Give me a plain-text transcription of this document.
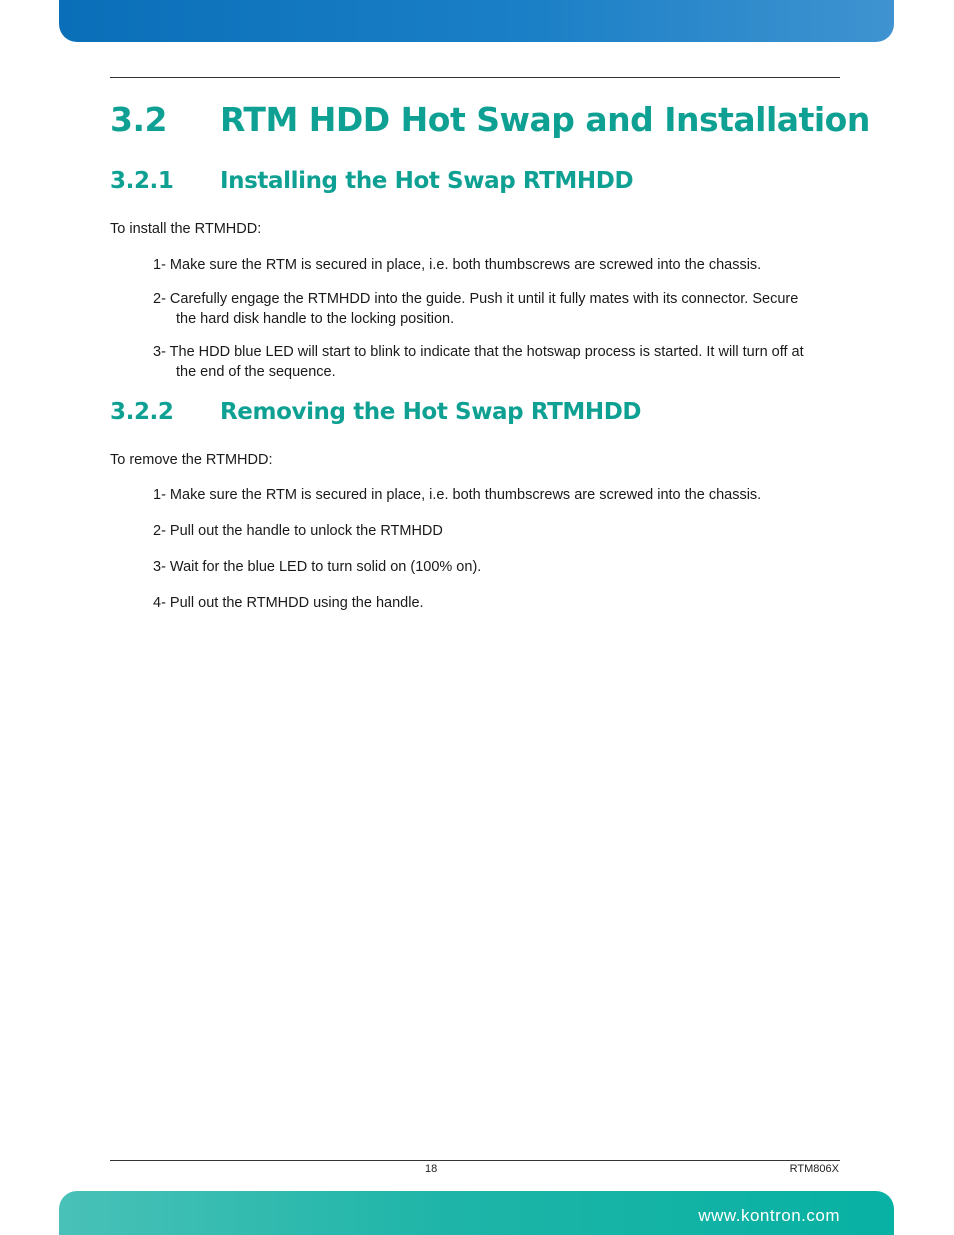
3.2 RTM HDD Hot Swap and Installation
3.2.1 Installing the Hot Swap RTMHDD

To install the RTMHDD:

1- Make sure the RTM is secured in place, i.e. both thumbscrews are screwed into the chassis.

2- Carefully engage the RTMHDD into the guide. Push it until it fully mates with its connector. Secure
the hard disk handle to the locking position.

3- The HDD blue LED will start to blink to indicate that the hotswap process is started. It will turn off at
the end of the sequence.

3.2.2 Removing the Hot Swap RTMHDD

To remove the RTMHDD:

1- Make sure the RTM is secured in place, i.e. both thumbscrews are screwed into the chassis.

2- Pull out the handle to unlock the RTMHDD

3- Wait for the blue LED to turn solid on (100% on).

4- Pull out the RTMHDD using the handle.

18	RTM806X
www.kontron.com
